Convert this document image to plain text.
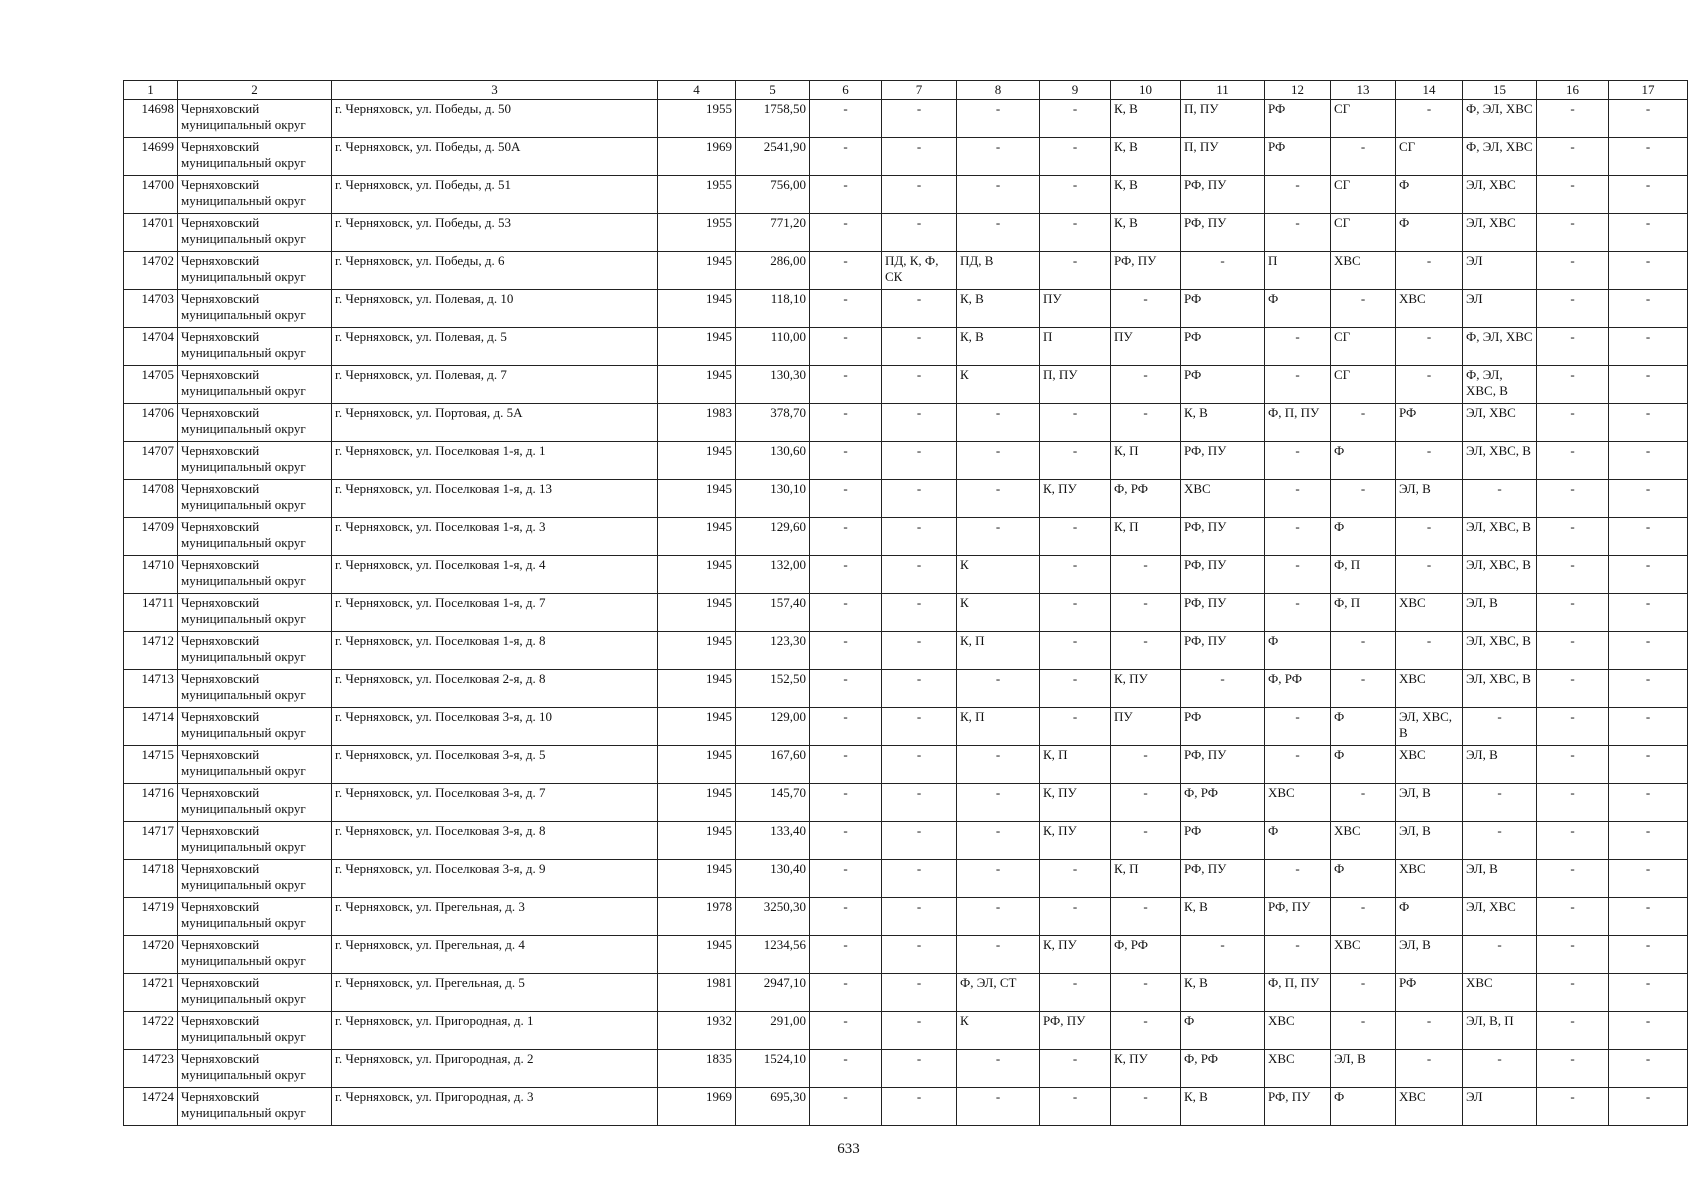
1	2	3	4	5	6	7	8	9	10	11	12	13	14	15	16	17
14698	Черняховский муниципальный округ	г. Черняховск, ул. Победы, д. 50	1955	1758,50	-	-	-	-	К, В	П, ПУ	РФ	СГ	-	Ф, ЭЛ, ХВС	-	-
14699	Черняховский муниципальный округ	г. Черняховск, ул. Победы, д. 50А	1969	2541,90	-	-	-	-	К, В	П, ПУ	РФ	-	СГ	Ф, ЭЛ, ХВС	-	-
14700	Черняховский муниципальный округ	г. Черняховск, ул. Победы, д. 51	1955	756,00	-	-	-	-	К, В	РФ, ПУ	-	СГ	Ф	ЭЛ, ХВС	-	-
14701	Черняховский муниципальный округ	г. Черняховск, ул. Победы, д. 53	1955	771,20	-	-	-	-	К, В	РФ, ПУ	-	СГ	Ф	ЭЛ, ХВС	-	-
14702	Черняховский муниципальный округ	г. Черняховск, ул. Победы, д. 6	1945	286,00	-	ПД, К, Ф, СК	ПД, В	-	РФ, ПУ	-	П	ХВС	-	ЭЛ	-	-
14703	Черняховский муниципальный округ	г. Черняховск, ул. Полевая, д. 10	1945	118,10	-	-	К, В	ПУ	-	РФ	Ф	-	ХВС	ЭЛ	-	-
14704	Черняховский муниципальный округ	г. Черняховск, ул. Полевая, д. 5	1945	110,00	-	-	К, В	П	ПУ	РФ	-	СГ	-	Ф, ЭЛ, ХВС	-	-
14705	Черняховский муниципальный округ	г. Черняховск, ул. Полевая, д. 7	1945	130,30	-	-	К	П, ПУ	-	РФ	-	СГ	-	Ф, ЭЛ, ХВС, В	-	-
14706	Черняховский муниципальный округ	г. Черняховск, ул. Портовая, д. 5А	1983	378,70	-	-	-	-	-	К, В	Ф, П, ПУ	-	РФ	ЭЛ, ХВС	-	-
14707	Черняховский муниципальный округ	г. Черняховск, ул. Поселковая 1-я, д. 1	1945	130,60	-	-	-	-	К, П	РФ, ПУ	-	Ф	-	ЭЛ, ХВС, В	-	-
14708	Черняховский муниципальный округ	г. Черняховск, ул. Поселковая 1-я, д. 13	1945	130,10	-	-	-	К, ПУ	Ф, РФ	ХВС	-	-	ЭЛ, В	-	-	-
14709	Черняховский муниципальный округ	г. Черняховск, ул. Поселковая 1-я, д. 3	1945	129,60	-	-	-	-	К, П	РФ, ПУ	-	Ф	-	ЭЛ, ХВС, В	-	-
14710	Черняховский муниципальный округ	г. Черняховск, ул. Поселковая 1-я, д. 4	1945	132,00	-	-	К	-	-	РФ, ПУ	-	Ф, П	-	ЭЛ, ХВС, В	-	-
14711	Черняховский муниципальный округ	г. Черняховск, ул. Поселковая 1-я, д. 7	1945	157,40	-	-	К	-	-	РФ, ПУ	-	Ф, П	ХВС	ЭЛ, В	-	-
14712	Черняховский муниципальный округ	г. Черняховск, ул. Поселковая 1-я, д. 8	1945	123,30	-	-	К, П	-	-	РФ, ПУ	Ф	-	-	ЭЛ, ХВС, В	-	-
14713	Черняховский муниципальный округ	г. Черняховск, ул. Поселковая 2-я, д. 8	1945	152,50	-	-	-	-	К, ПУ	-	Ф, РФ	-	ХВС	ЭЛ, ХВС, В	-	-
14714	Черняховский муниципальный округ	г. Черняховск, ул. Поселковая 3-я, д. 10	1945	129,00	-	-	К, П	-	ПУ	РФ	-	Ф	ЭЛ, ХВС, В	-	-	-
14715	Черняховский муниципальный округ	г. Черняховск, ул. Поселковая 3-я, д. 5	1945	167,60	-	-	-	К, П	-	РФ, ПУ	-	Ф	ХВС	ЭЛ, В	-	-
14716	Черняховский муниципальный округ	г. Черняховск, ул. Поселковая 3-я, д. 7	1945	145,70	-	-	-	К, ПУ	-	Ф, РФ	ХВС	-	ЭЛ, В	-	-	-
14717	Черняховский муниципальный округ	г. Черняховск, ул. Поселковая 3-я, д. 8	1945	133,40	-	-	-	К, ПУ	-	РФ	Ф	ХВС	ЭЛ, В	-	-	-
14718	Черняховский муниципальный округ	г. Черняховск, ул. Поселковая 3-я, д. 9	1945	130,40	-	-	-	-	К, П	РФ, ПУ	-	Ф	ХВС	ЭЛ, В	-	-
14719	Черняховский муниципальный округ	г. Черняховск, ул. Прегельная, д. 3	1978	3250,30	-	-	-	-	-	К, В	РФ, ПУ	-	Ф	ЭЛ, ХВС	-	-
14720	Черняховский муниципальный округ	г. Черняховск, ул. Прегельная, д. 4	1945	1234,56	-	-	-	К, ПУ	Ф, РФ	-	-	ХВС	ЭЛ, В	-	-	-
14721	Черняховский муниципальный округ	г. Черняховск, ул. Прегельная, д. 5	1981	2947,10	-	-	Ф, ЭЛ, СТ	-	-	К, В	Ф, П, ПУ	-	РФ	ХВС	-	-
14722	Черняховский муниципальный округ	г. Черняховск, ул. Пригородная, д. 1	1932	291,00	-	-	К	РФ, ПУ	-	Ф	ХВС	-	-	ЭЛ, В, П	-	-
14723	Черняховский муниципальный округ	г. Черняховск, ул. Пригородная, д. 2	1835	1524,10	-	-	-	-	К, ПУ	Ф, РФ	ХВС	ЭЛ, В	-	-	-	-
14724	Черняховский муниципальный округ	г. Черняховск, ул. Пригородная, д. 3	1969	695,30	-	-	-	-	-	К, В	РФ, ПУ	Ф	ХВС	ЭЛ	-	-
633
